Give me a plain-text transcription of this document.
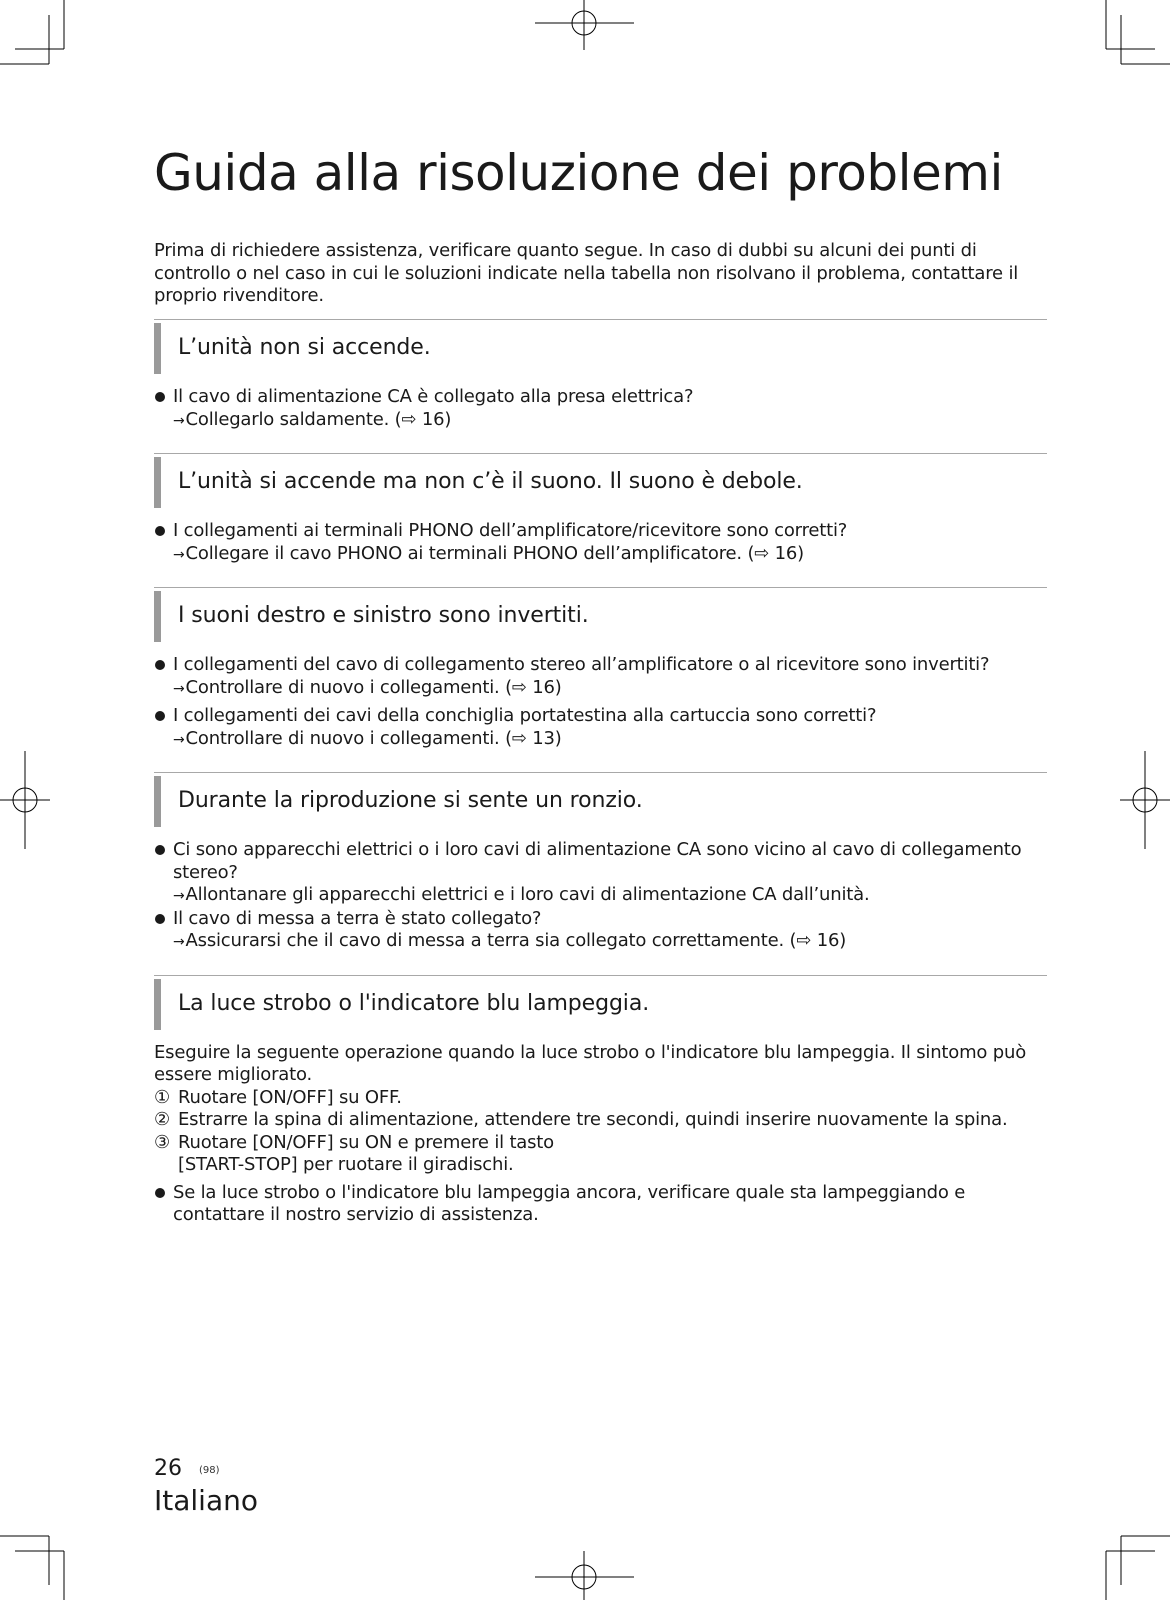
Guida alla risoluzione dei problemi

Prima di richiedere assistenza, verificare quanto segue. In caso di dubbi su alcuni dei punti di controllo o nel caso in cui le soluzioni indicate nella tabella non risolvano il problema, contattare il proprio rivenditore.

L’unità non si accende.

Il cavo di alimentazione CA è collegato alla presa elettrica?

→Collegarlo saldamente. (⇨ 16)

L’unità si accende ma non c’è il suono. Il suono è debole.

I collegamenti ai terminali PHONO dell’amplificatore/ricevitore sono corretti?

→Collegare il cavo PHONO ai terminali PHONO dell’amplificatore. (⇨ 16)

I suoni destro e sinistro sono invertiti.

I collegamenti del cavo di collegamento stereo all’amplificatore o al ricevitore sono invertiti?

→Controllare di nuovo i collegamenti. (⇨ 16)

I collegamenti dei cavi della conchiglia portatestina alla cartuccia sono corretti?

→Controllare di nuovo i collegamenti. (⇨ 13)

Durante la riproduzione si sente un ronzio.

Ci sono apparecchi elettrici o i loro cavi di alimentazione CA sono vicino al cavo di collegamento stereo?

→Allontanare gli apparecchi elettrici e i loro cavi di alimentazione CA dall’unità.

Il cavo di messa a terra è stato collegato?

→Assicurarsi che il cavo di messa a terra sia collegato correttamente. (⇨ 16)

La luce strobo o l'indicatore blu lampeggia.

Eseguire la seguente operazione quando la luce strobo o l'indicatore blu lampeggia. Il sintomo può essere migliorato.

① Ruotare [ON/OFF] su OFF.

② Estrarre la spina di alimentazione, attendere tre secondi, quindi inserire nuovamente la spina.

③ Ruotare [ON/OFF] su ON e premere il tasto
[START-STOP] per ruotare il giradischi.

Se la luce strobo o l'indicatore blu lampeggia ancora, verificare quale sta lampeggiando e contattare il nostro servizio di assistenza.

26 (98)
Italiano
